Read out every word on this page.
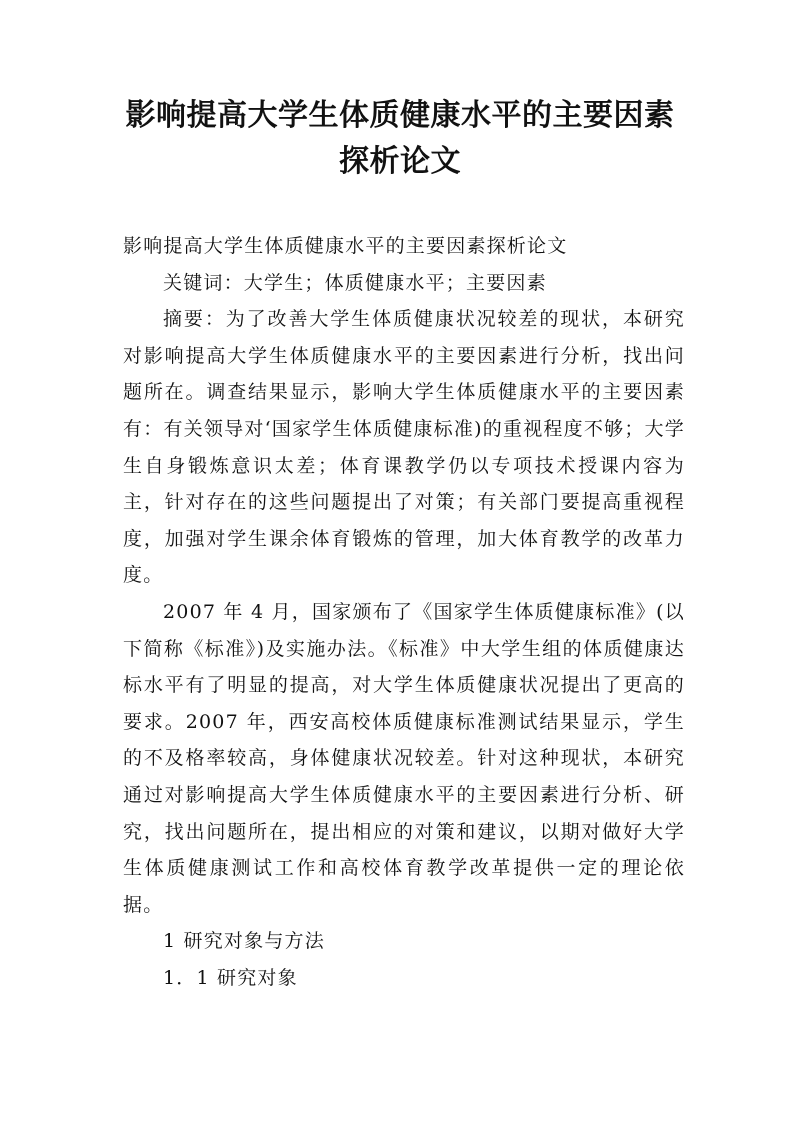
影响提高大学生体质健康水平的主要因素
探析论文

影响提高大学生体质健康水平的主要因素探析论文

关键词：大学生；体质健康水平；主要因素

摘要：为了改善大学生体质健康状况较差的现状，本研究对影响提高大学生体质健康水平的主要因素进行分析，找出问题所在。调查结果显示，影响大学生体质健康水平的主要因素有：有关领导对‘国家学生体质健康标准)的重视程度不够；大学生自身锻炼意识太差；体育课教学仍以专项技术授课内容为主，针对存在的这些问题提出了对策；有关部门要提高重视程度，加强对学生课余体育锻炼的管理，加大体育教学的改革力度。

2007 年 4 月，国家颁布了《国家学生体质健康标准》(以下简称《标准》)及实施办法。《标准》中大学生组的体质健康达标水平有了明显的提高，对大学生体质健康状况提出了更高的要求。2007 年，西安高校体质健康标准测试结果显示，学生的不及格率较高，身体健康状况较差。针对这种现状，本研究通过对影响提高大学生体质健康水平的主要因素进行分析、研究，找出问题所在，提出相应的对策和建议，以期对做好大学生体质健康测试工作和高校体育教学改革提供一定的理论依据。

1 研究对象与方法

1．1 研究对象
